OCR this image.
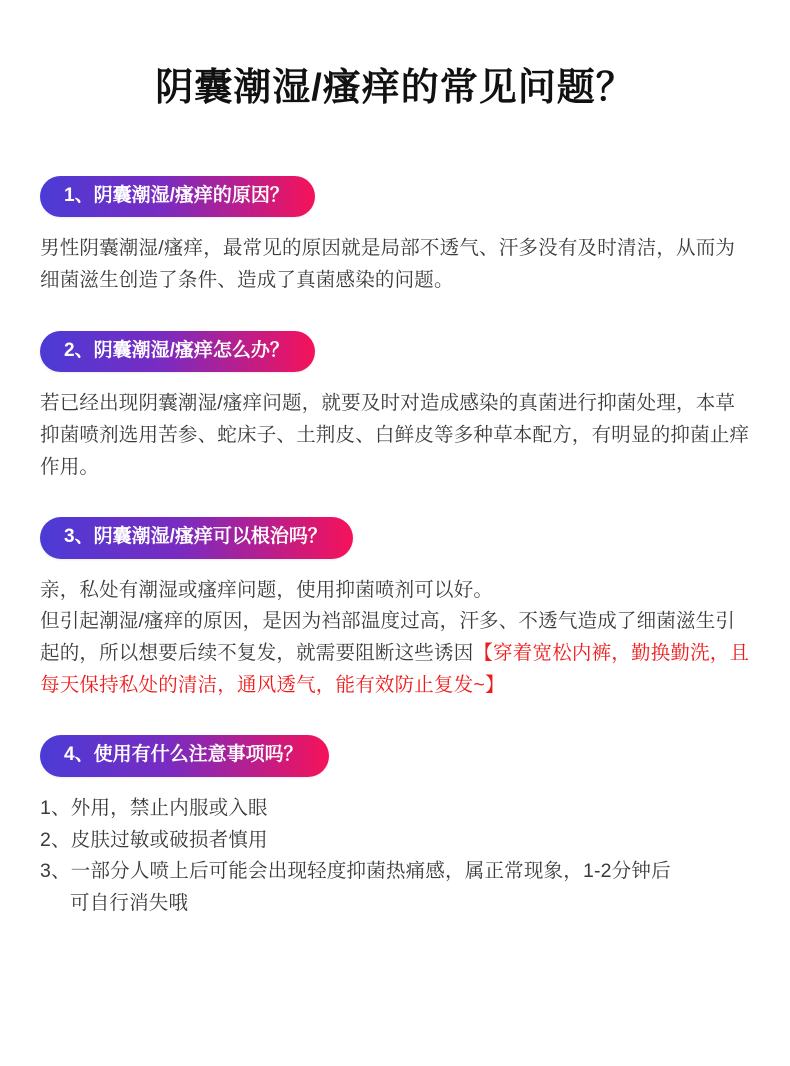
阴囊潮湿/瘙痒的常见问题？
1、阴囊潮湿/瘙痒的原因？

男性阴囊潮湿/瘙痒，最常见的原因就是局部不透气、汗多没有及时清洁，从而为细菌滋生创造了条件、造成了真菌感染的问题。

2、阴囊潮湿/瘙痒怎么办？

若已经出现阴囊潮湿/瘙痒问题，就要及时对造成感染的真菌进行抑菌处理，本草抑菌喷剂选用苦参、蛇床子、土荆皮、白鲜皮等多种草本配方，有明显的抑菌止痒作用。

3、阴囊潮湿/瘙痒可以根治吗？

亲，私处有潮湿或瘙痒问题，使用抑菌喷剂可以好。

但引起潮湿/瘙痒的原因，是因为裆部温度过高，汗多、不透气造成了细菌滋生引起的，所以想要后续不复发，就需要阻断这些诱因【穿着宽松内裤，勤换勤洗，且每天保持私处的清洁，通风透气，能有效防止复发~】

4、使用有什么注意事项吗？

1、外用，禁止内服或入眼

2、皮肤过敏或破损者慎用

3、一部分人喷上后可能会出现轻度抑菌热痛感，属正常现象，1-2分钟后

可自行消失哦
